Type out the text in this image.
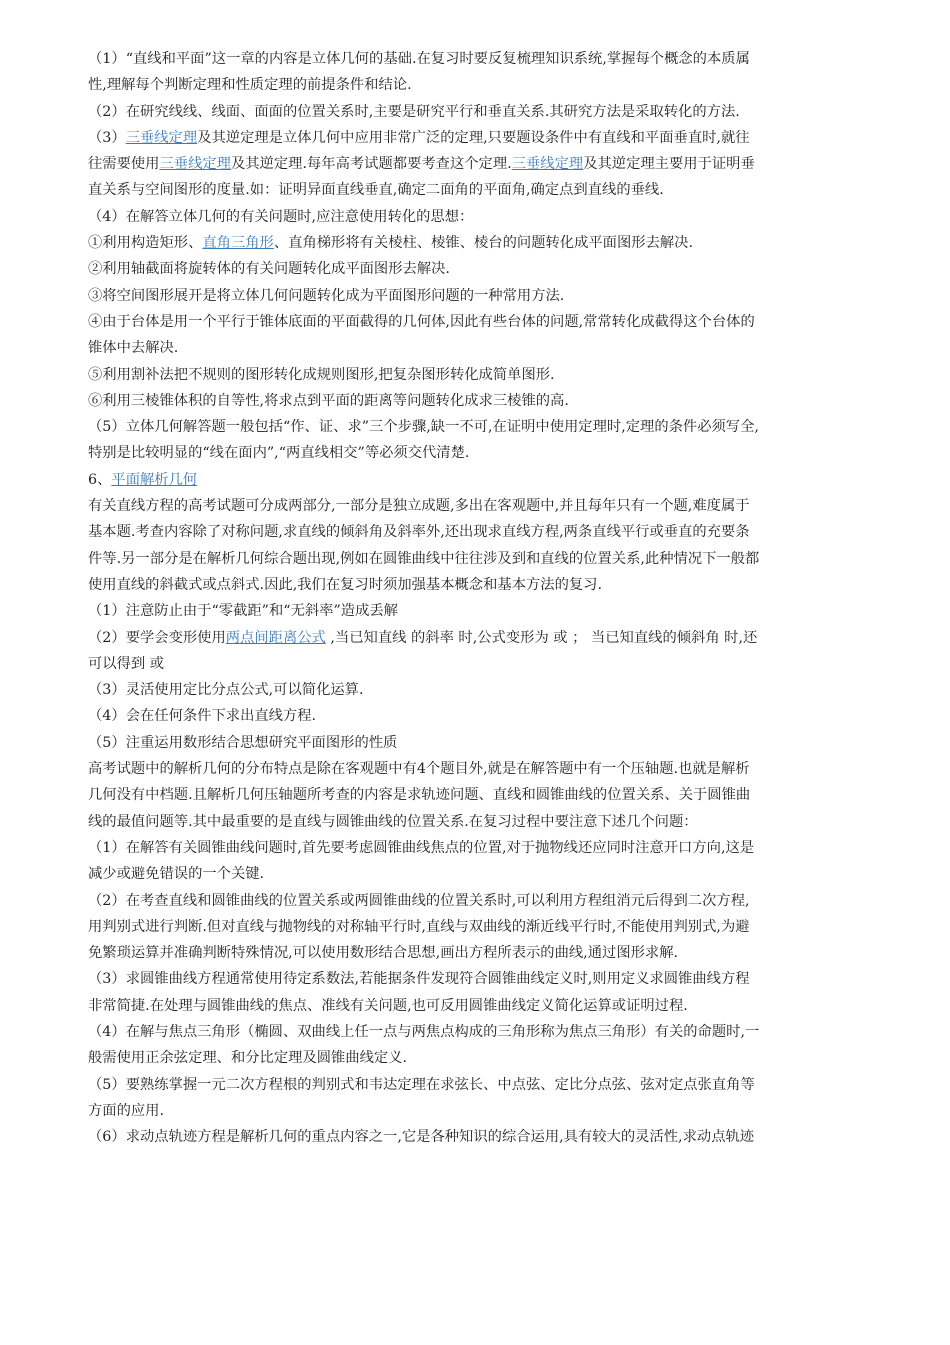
（1）“直线和平面”这一章的内容是立体几何的基础.在复习时要反复梳理知识系统,掌握每个概念的本质属
性,理解每个判断定理和性质定理的前提条件和结论.
（2）在研究线线、线面、面面的位置关系时,主要是研究平行和垂直关系.其研究方法是采取转化的方法.
（3）三垂线定理及其逆定理是立体几何中应用非常广泛的定理,只要题设条件中有直线和平面垂直时,就往
往需要使用三垂线定理及其逆定理.每年高考试题都要考查这个定理.三垂线定理及其逆定理主要用于证明垂
直关系与空间图形的度量.如：证明异面直线垂直,确定二面角的平面角,确定点到直线的垂线.
（4）在解答立体几何的有关问题时,应注意使用转化的思想：
①利用构造矩形、直角三角形、直角梯形将有关棱柱、棱锥、棱台的问题转化成平面图形去解决.
②利用轴截面将旋转体的有关问题转化成平面图形去解决.
③将空间图形展开是将立体几何问题转化成为平面图形问题的一种常用方法.
④由于台体是用一个平行于锥体底面的平面截得的几何体,因此有些台体的问题,常常转化成截得这个台体的
锥体中去解决.
⑤利用割补法把不规则的图形转化成规则图形,把复杂图形转化成简单图形.
⑥利用三棱锥体积的自等性,将求点到平面的距离等问题转化成求三棱锥的高.
（5）立体几何解答题一般包括“作、证、求”三个步骤,缺一不可,在证明中使用定理时,定理的条件必须写全,
特别是比较明显的“线在面内”,“两直线相交”等必须交代清楚.
6、平面解析几何
有关直线方程的高考试题可分成两部分,一部分是独立成题,多出在客观题中,并且每年只有一个题,难度属于
基本题.考查内容除了对称问题,求直线的倾斜角及斜率外,还出现求直线方程,两条直线平行或垂直的充要条
件等.另一部分是在解析几何综合题出现,例如在圆锥曲线中往往涉及到和直线的位置关系,此种情况下一般都
使用直线的斜截式或点斜式.因此,我们在复习时须加强基本概念和基本方法的复习.
（1）注意防止由于“零截距”和“无斜率”造成丢解
（2）要学会变形使用两点间距离公式 ,当已知直线 的斜率 时,公式变形为 或 ； 当已知直线的倾斜角 时,还
可以得到 或
（3）灵活使用定比分点公式,可以简化运算.
（4）会在任何条件下求出直线方程.
（5）注重运用数形结合思想研究平面图形的性质
高考试题中的解析几何的分布特点是除在客观题中有4个题目外,就是在解答题中有一个压轴题.也就是解析
几何没有中档题.且解析几何压轴题所考查的内容是求轨迹问题、直线和圆锥曲线的位置关系、关于圆锥曲
线的最值问题等.其中最重要的是直线与圆锥曲线的位置关系.在复习过程中要注意下述几个问题：
（1）在解答有关圆锥曲线问题时,首先要考虑圆锥曲线焦点的位置,对于抛物线还应同时注意开口方向,这是
减少或避免错误的一个关键.
（2）在考查直线和圆锥曲线的位置关系或两圆锥曲线的位置关系时,可以利用方程组消元后得到二次方程,
用判别式进行判断.但对直线与抛物线的对称轴平行时,直线与双曲线的渐近线平行时,不能使用判别式,为避
免繁琐运算并准确判断特殊情况,可以使用数形结合思想,画出方程所表示的曲线,通过图形求解.
（3）求圆锥曲线方程通常使用待定系数法,若能据条件发现符合圆锥曲线定义时,则用定义求圆锥曲线方程
非常简捷.在处理与圆锥曲线的焦点、准线有关问题,也可反用圆锥曲线定义简化运算或证明过程.
（4）在解与焦点三角形（椭圆、双曲线上任一点与两焦点构成的三角形称为焦点三角形）有关的命题时,一
般需使用正余弦定理、和分比定理及圆锥曲线定义.
（5）要熟练掌握一元二次方程根的判别式和韦达定理在求弦长、中点弦、定比分点弦、弦对定点张直角等
方面的应用.
（6）求动点轨迹方程是解析几何的重点内容之一,它是各种知识的综合运用,具有较大的灵活性,求动点轨迹
